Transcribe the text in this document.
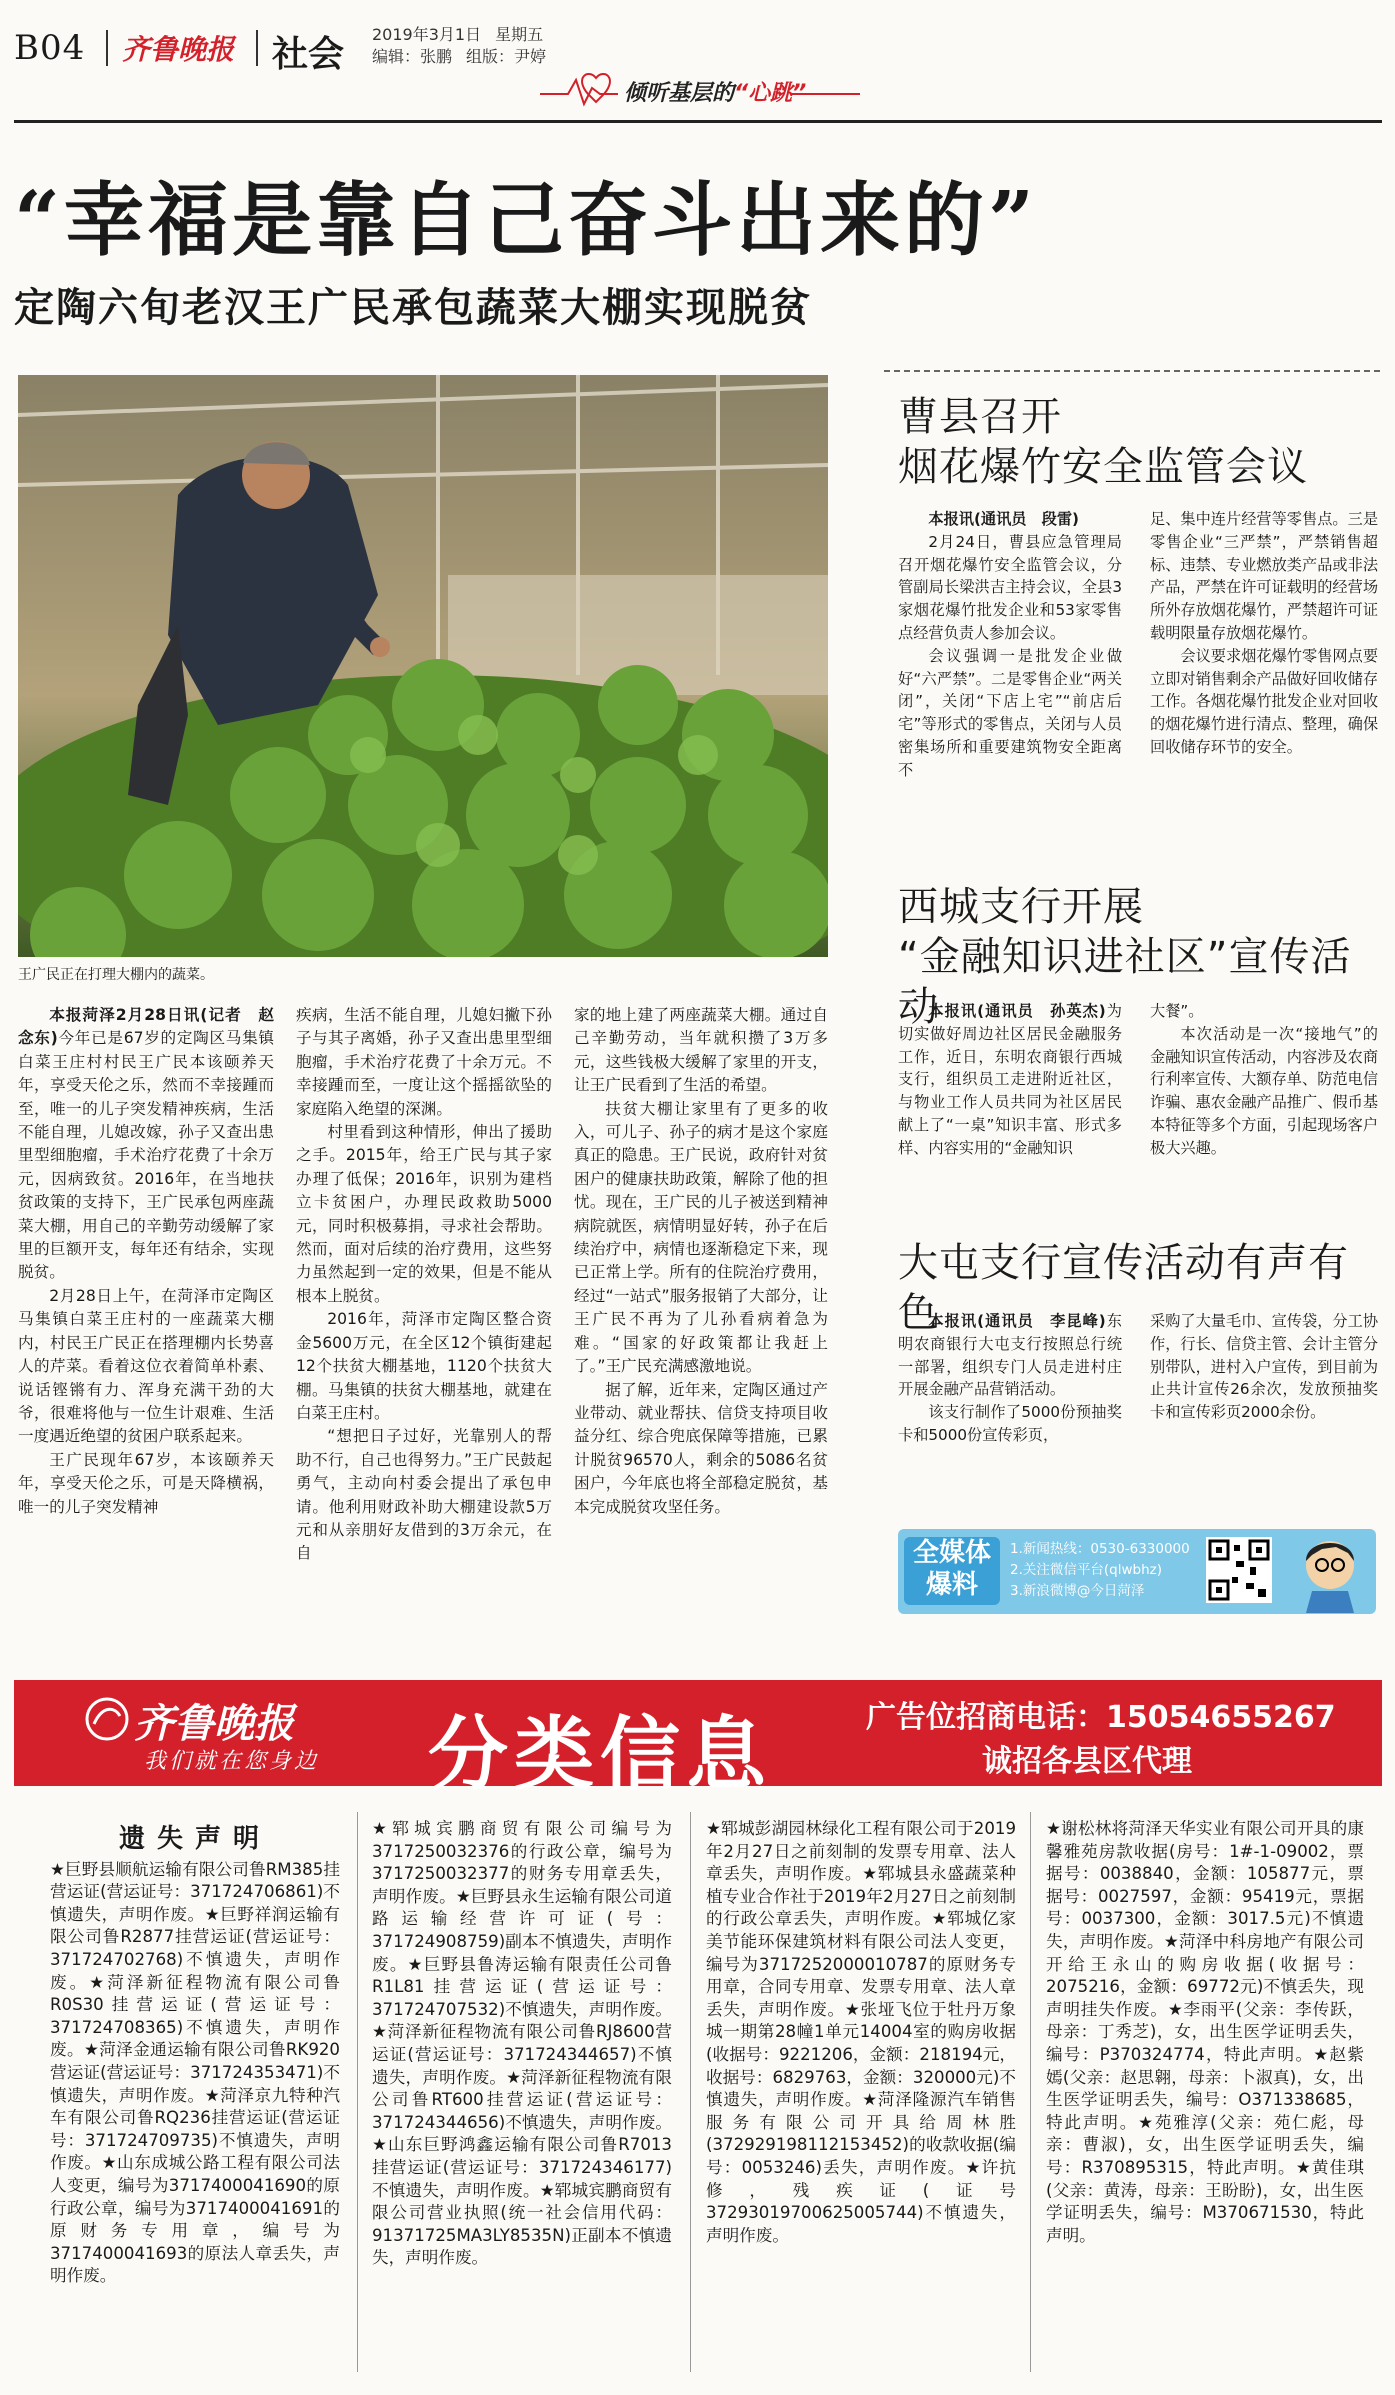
B04 齐鲁晚报 社会 2019年3月1日 星期五
编辑：张鹏 组版：尹婷
倾听基层的“心跳”
“幸福是靠自己奋斗出来的”
定陶六旬老汉王广民承包蔬菜大棚实现脱贫
王广民正在打理大棚内的蔬菜。

本报菏泽2月28日讯(记者　赵念东)今年已是67岁的定陶区马集镇白菜王庄村村民王广民本该颐养天年，享受天伦之乐，然而不幸接踵而至，唯一的儿子突发精神疾病，生活不能自理，儿媳改嫁，孙子又查出患里型细胞瘤，手术治疗花费了十余万元，因病致贫。2016年，在当地扶贫政策的支持下，王广民承包两座蔬菜大棚，用自己的辛勤劳动缓解了家里的巨额开支，每年还有结余，实现脱贫。

2月28日上午，在菏泽市定陶区马集镇白菜王庄村的一座蔬菜大棚内，村民王广民正在搭理棚内长势喜人的芹菜。看着这位衣着简单朴素、说话铿锵有力、浑身充满干劲的大爷，很难将他与一位生计艰难、生活一度遇近绝望的贫困户联系起来。

王广民现年67岁，本该颐养天年，享受天伦之乐，可是天降横祸，唯一的儿子突发精神

疾病，生活不能自理，儿媳妇撇下孙子与其子离婚，孙子又查出患里型细胞瘤，手术治疗花费了十余万元。不幸接踵而至，一度让这个摇摇欲坠的家庭陷入绝望的深渊。

村里看到这种情形，伸出了援助之手。2015年，给王广民与其子家办理了低保；2016年，识别为建档立卡贫困户，办理民政救助5000元，同时积极募捐，寻求社会帮助。然而，面对后续的治疗费用，这些努力虽然起到一定的效果，但是不能从根本上脱贫。

2016年，菏泽市定陶区整合资金5600万元，在全区12个镇街建起12个扶贫大棚基地，1120个扶贫大棚。马集镇的扶贫大棚基地，就建在白菜王庄村。

“想把日子过好，光靠别人的帮助不行，自己也得努力。”王广民鼓起勇气，主动向村委会提出了承包申请。他利用财政补助大棚建设款5万元和从亲朋好友借到的3万余元，在自

家的地上建了两座蔬菜大棚。通过自己辛勤劳动，当年就积攒了3万多元，这些钱极大缓解了家里的开支，让王广民看到了生活的希望。

扶贫大棚让家里有了更多的收入，可儿子、孙子的病才是这个家庭真正的隐患。王广民说，政府针对贫困户的健康扶助政策，解除了他的担忧。现在，王广民的儿子被送到精神病院就医，病情明显好转，孙子在后续治疗中，病情也逐渐稳定下来，现已正常上学。所有的住院治疗费用，经过“一站式”服务报销了大部分，让王广民不再为了儿孙看病着急为难。“国家的好政策都让我赶上了。”王广民充满感激地说。

据了解，近年来，定陶区通过产业带动、就业帮扶、信贷支持项目收益分红、综合兜底保障等措施，已累计脱贫96570人，剩余的5086名贫困户，今年底也将全部稳定脱贫，基本完成脱贫攻坚任务。

曹县召开
烟花爆竹安全监管会议

本报讯(通讯员　段雷)

2月24日，曹县应急管理局召开烟花爆竹安全监管会议，分管副局长梁洪吉主持会议，全县3家烟花爆竹批发企业和53家零售点经营负责人参加会议。

会议强调一是批发企业做好“六严禁”。二是零售企业“两关闭”，关闭“下店上宅”“前店后宅”等形式的零售点，关闭与人员密集场所和重要建筑物安全距离不

足、集中连片经营等零售点。三是零售企业“三严禁”，严禁销售超标、违禁、专业燃放类产品或非法产品，严禁在许可证载明的经营场所外存放烟花爆竹，严禁超许可证载明限量存放烟花爆竹。

会议要求烟花爆竹零售网点要立即对销售剩余产品做好回收储存工作。各烟花爆竹批发企业对回收的烟花爆竹进行清点、整理，确保回收储存环节的安全。

西城支行开展
“金融知识进社区”宣传活动

本报讯(通讯员　孙英杰)为切实做好周边社区居民金融服务工作，近日，东明农商银行西城支行，组织员工走进附近社区，与物业工作人员共同为社区居民献上了“一桌”知识丰富、形式多样、内容实用的“金融知识

大餐”。

本次活动是一次“接地气”的金融知识宣传活动，内容涉及农商行利率宣传、大额存单、防范电信诈骗、惠农金融产品推广、假币基本特征等多个方面，引起现场客户极大兴趣。

大屯支行宣传活动有声有色

本报讯(通讯员　李昆峰)东明农商银行大屯支行按照总行统一部署，组织专门人员走进村庄开展金融产品营销活动。

该支行制作了5000份预抽奖卡和5000份宣传彩页，

采购了大量毛巾、宣传袋，分工协作，行长、信贷主管、会计主管分别带队，进村入户宣传，到目前为止共计宣传26余次，发放预抽奖卡和宣传彩页2000余份。

全媒体
爆料
1.新闻热线：0530-6330000
2.关注微信平台(qlwbhz)
3.新浪微博@今日菏泽
齐鲁晚报
我们就在您身边 分类信息	广告位招商电话：15054655267
诚招各县区代理

遗失声明

★巨野县顺航运输有限公司鲁RM385挂营运证(营运证号：371724706861)不慎遗失，声明作废。★巨野祥润运输有限公司鲁R2877挂营运证(营运证号：371724702768)不慎遗失，声明作废。★菏泽新征程物流有限公司鲁R0S30挂营运证(营运证号：371724708365)不慎遗失，声明作废。★菏泽金通运输有限公司鲁RK920营运证(营运证号：371724353471)不慎遗失，声明作废。★菏泽京九特种汽车有限公司鲁RQ236挂营运证(营运证号：371724709735)不慎遗失，声明作废。★山东成城公路工程有限公司法人变更，编号为3717400041690的原行政公章，编号为3717400041691的原财务专用章，编号为3717400041693的原法人章丢失，声明作废。

★郓城宾鹏商贸有限公司编号为3717250032376的行政公章，编号为3717250032377的财务专用章丢失，声明作废。★巨野县永生运输有限公司道路运输经营许可证(号：371724908759)副本不慎遗失，声明作废。★巨野县鲁涛运输有限责任公司鲁R1L81挂营运证(营运证号：371724707532)不慎遗失，声明作废。★菏泽新征程物流有限公司鲁RJ8600营运证(营运证号：371724344657)不慎遗失，声明作废。★菏泽新征程物流有限公司鲁RT600挂营运证(营运证号：371724344656)不慎遗失，声明作废。★山东巨野鸿鑫运输有限公司鲁R7013挂营运证(营运证号：371724346177)不慎遗失，声明作废。★郓城宾鹏商贸有限公司营业执照(统一社会信用代码：91371725MA3LY8535N)正副本不慎遗失，声明作废。

★郓城彭湖园林绿化工程有限公司于2019年2月27日之前刻制的发票专用章、法人章丢失，声明作废。★郓城县永盛蔬菜种植专业合作社于2019年2月27日之前刻制的行政公章丢失，声明作废。★郓城亿家美节能环保建筑材料有限公司法人变更，编号为3717252000010787的原财务专用章，合同专用章、发票专用章、法人章丢失，声明作废。★张垭飞位于牡丹万象城一期第28幢1单元14004室的购房收据(收据号：9221206，金额：218194元，收据号：6829763，金额：320000元)不慎遗失，声明作废。★菏泽隆源汽车销售服务有限公司开具给周林胜(372929198112153452)的收款收据(编号：0053246)丢失，声明作废。★许抗修，残疾证(证号37293019700625005744)不慎遗失，声明作废。

★谢松林将菏泽天华实业有限公司开具的康馨雅苑房款收据(房号：1#-1-09002，票据号：0038840，金额：105877元，票据号：0027597，金额：95419元，票据号：0037300，金额：3017.5元)不慎遗失，声明作废。★菏泽中科房地产有限公司开给王永山的购房收据(收据号：2075216，金额：69772元)不慎丢失，现声明挂失作废。★李雨平(父亲：李传跃，母亲：丁秀芝)，女，出生医学证明丢失，编号：P370324774，特此声明。★赵紫嫣(父亲：赵思翱，母亲：卜淑真)，女，出生医学证明丢失，编号：O371338685，特此声明。★苑雅淳(父亲：苑仁彪，母亲：曹淑)，女，出生医学证明丢失，编号：R370895315，特此声明。★黄佳琪(父亲：黄涛，母亲：王盼盼)，女，出生医学证明丢失，编号：M370671530，特此声明。
